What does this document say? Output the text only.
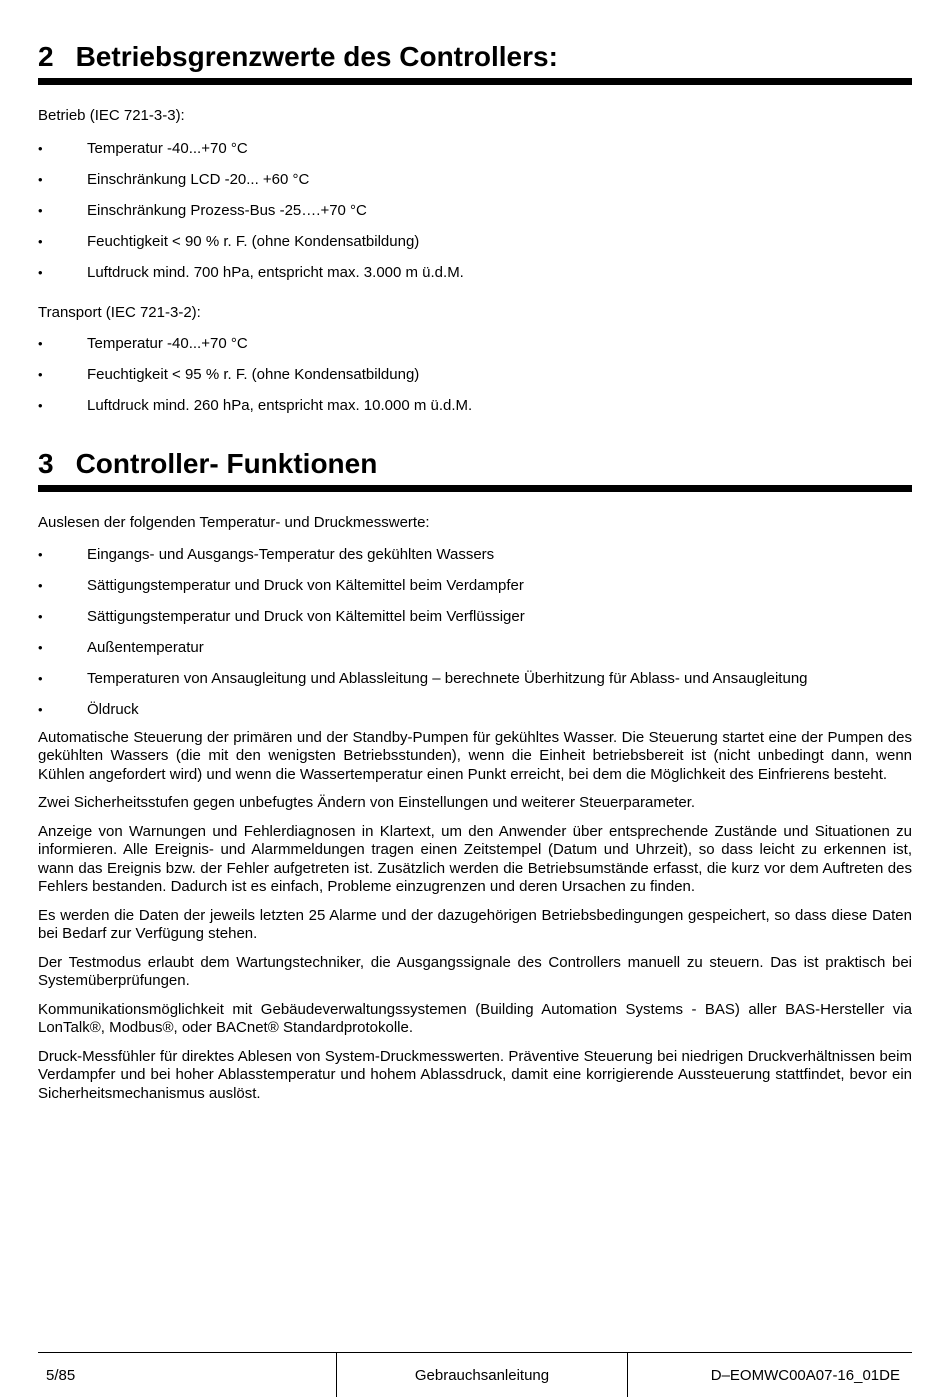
2 Betriebsgrenzwerte des Controllers:

Betrieb (IEC 721-3-3):

• Temperatur -40...+70 °C
• Einschränkung LCD -20... +60 °C
• Einschränkung Prozess-Bus -25….+70 °C
• Feuchtigkeit < 90 % r. F. (ohne Kondensatbildung)
• Luftdruck mind. 700 hPa, entspricht max. 3.000 m ü.d.M.

Transport (IEC 721-3-2):

• Temperatur -40...+70 °C
• Feuchtigkeit < 95 % r. F. (ohne Kondensatbildung)
• Luftdruck mind. 260 hPa, entspricht max. 10.000 m ü.d.M.
3 Controller- Funktionen

Auslesen der folgenden Temperatur- und Druckmesswerte:

• Eingangs- und Ausgangs-Temperatur des gekühlten Wassers
• Sättigungstemperatur und Druck von Kältemittel beim Verdampfer
• Sättigungstemperatur und Druck von Kältemittel beim Verflüssiger
• Außentemperatur
• Temperaturen von Ansaugleitung und Ablassleitung – berechnete Überhitzung für Ablass- und Ansaugleitung
• Öldruck

Automatische Steuerung der primären und der Standby-Pumpen für gekühltes Wasser. Die Steuerung startet eine der Pumpen des gekühlten Wassers (die mit den wenigsten Betriebsstunden), wenn die Einheit betriebsbereit ist (nicht unbedingt dann, wenn Kühlen angefordert wird) und wenn die Wassertemperatur einen Punkt erreicht, bei dem die Möglichkeit des Einfrierens besteht.

Zwei Sicherheitsstufen gegen unbefugtes Ändern von Einstellungen und weiterer Steuerparameter.

Anzeige von Warnungen und Fehlerdiagnosen in Klartext, um den Anwender über entsprechende Zustände und Situationen zu informieren. Alle Ereignis- und Alarmmeldungen tragen einen Zeitstempel (Datum und Uhrzeit), so dass leicht zu erkennen ist, wann das Ereignis bzw. der Fehler aufgetreten ist. Zusätzlich werden die Betriebsumstände erfasst, die kurz vor dem Auftreten des Fehlers bestanden. Dadurch ist es einfach, Probleme einzugrenzen und deren Ursachen zu finden.

Es werden die Daten der jeweils letzten 25 Alarme und der dazugehörigen Betriebsbedingungen gespeichert, so dass diese Daten bei Bedarf zur Verfügung stehen.

Der Testmodus erlaubt dem Wartungstechniker, die Ausgangssignale des Controllers manuell zu steuern. Das ist praktisch bei Systemüberprüfungen.

Kommunikationsmöglichkeit mit Gebäudeverwaltungssystemen (Building Automation Systems - BAS) aller BAS-Hersteller via LonTalk®, Modbus®, oder BACnet® Standardprotokolle.

Druck-Messfühler für direktes Ablesen von System-Druckmesswerten. Präventive Steuerung bei niedrigen Druckverhältnissen beim Verdampfer und bei hoher Ablasstemperatur und hohem Ablassdruck, damit eine korrigierende Aussteuerung stattfindet, bevor ein Sicherheitsmechanismus auslöst.

5/85	Gebrauchsanleitung	D–EOMWC00A07-16_01DE
